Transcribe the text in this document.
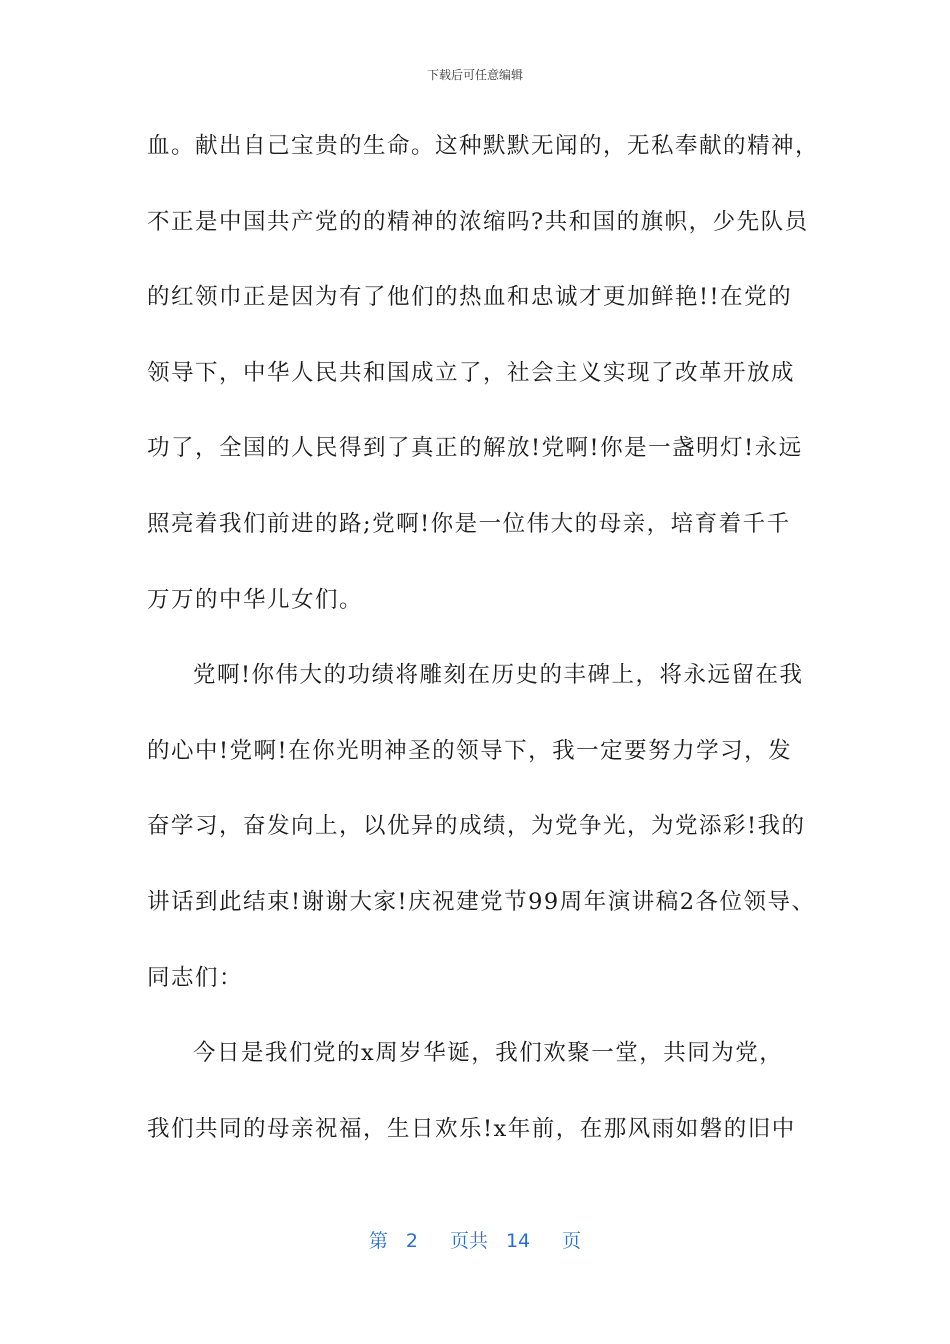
下载后可任意编辑
血。献出自己宝贵的生命。这种默默无闻的，无私奉献的精神，
不正是中国共产党的的精神的浓缩吗?共和国的旗帜，少先队员
的红领巾正是因为有了他们的热血和忠诚才更加鲜艳!!在党的
领导下，中华人民共和国成立了，社会主义实现了改革开放成
功了，全国的人民得到了真正的解放!党啊!你是一盏明灯!永远
照亮着我们前进的路;党啊!你是一位伟大的母亲，培育着千千
万万的中华儿女们。
党啊!你伟大的功绩将雕刻在历史的丰碑上，将永远留在我
的心中!党啊!在你光明神圣的领导下，我一定要努力学习，发
奋学习，奋发向上，以优异的成绩，为党争光，为党添彩!我的
讲话到此结束!谢谢大家!庆祝建党节99周年演讲稿2各位领导、
同志们：
今日是我们党的x周岁华诞，我们欢聚一堂，共同为党，
我们共同的母亲祝福，生日欢乐!x年前，在那风雨如磐的旧中
第 2 页共 14 页
